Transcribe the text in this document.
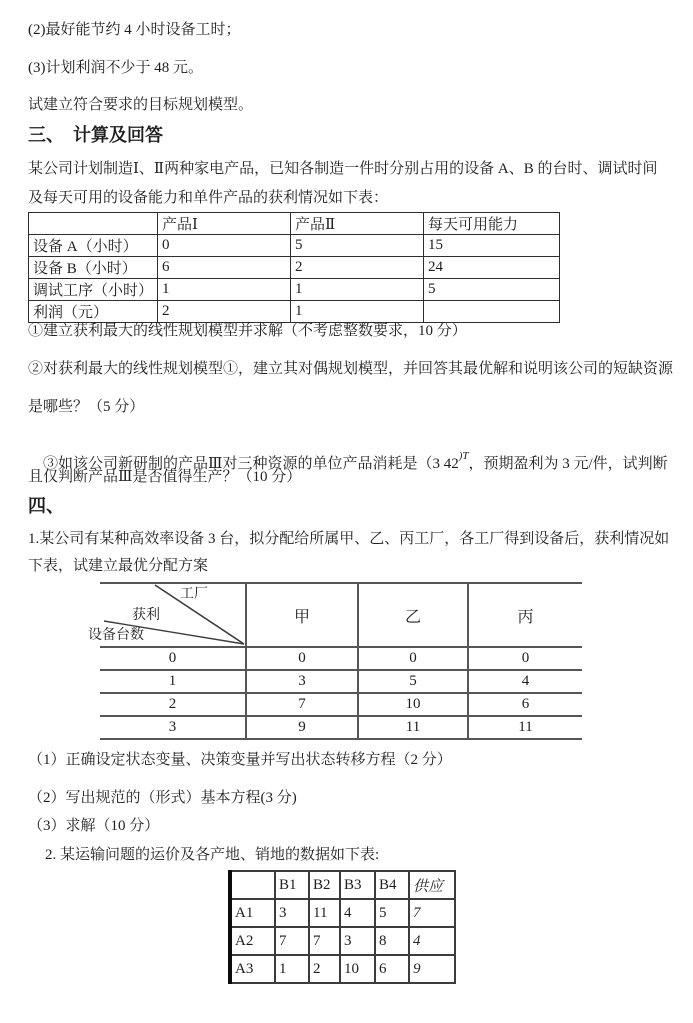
(2)最好能节约 4 小时设备工时；
(3)计划利润不少于 48 元。
试建立符合要求的目标规划模型。
三、  计算及回答
某公司计划制造Ⅰ、Ⅱ两种家电产品，已知各制造一件时分别占用的设备 A、B 的台时、调试时间
及每天可用的设备能力和单件产品的获利情况如下表：
	产品Ⅰ	产品Ⅱ	每天可用能力
设备 A（小时）	0	5	15
设备 B（小时）	6	2	24
调试工序（小时）	1	1	5
利润（元）	2	1	
①建立获利最大的线性规划模型并求解（不考虑整数要求，10 分）
②对获利最大的线性规划模型①，建立其对偶规划模型，并回答其最优解和说明该公司的短缺资源
是哪些？（5 分）

③如该公司新研制的产品Ⅲ对三种资源的单位产品消耗是（3 $42^{)T}$，预期盈利为 3 元/件，试判断

且仅判断产品Ⅲ是否值得生产？（10 分）
四、
1.某公司有某种高效率设备 3 台，拟分配给所属甲、乙、丙工厂，各工厂得到设备后，获利情况如
下表，试建立最优分配方案
工厂
获利
设备台数	甲	乙	丙
0	0	0	0
1	3	5	4
2	7	10	6
3	9	11	11
（1）正确设定状态变量、决策变量并写出状态转移方程（2 分）
（2）写出规范的（形式）基本方程(3 分)
（3）求解（10 分）
2. 某运输问题的运价及各产地、销地的数据如下表:
	B1	B2	B3	B4	供应
A1	3	11	4	5	7
A2	7	7	3	8	4
A3	1	2	10	6	9
